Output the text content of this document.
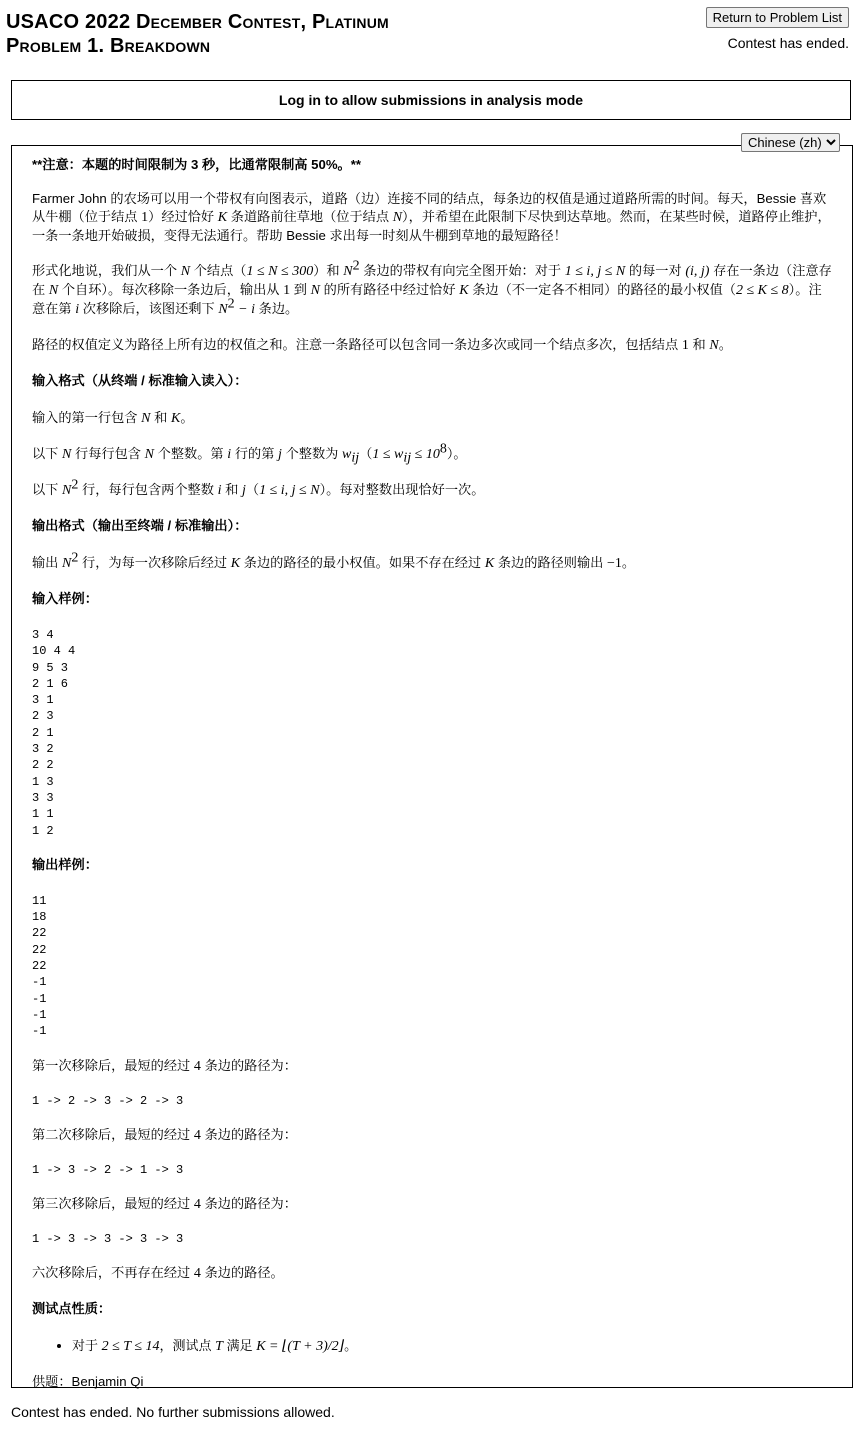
USACO 2022 December Contest, Platinum
Problem 1. Breakdown
Return to Problem List
Contest has ended.
Log in to allow submissions in analysis mode

**注意：本题的时间限制为 3 秒，比通常限制高 50%。**

Farmer John 的农场可以用一个带权有向图表示，道路（边）连接不同的结点，每条边的权值是通过道路所需的时间。每天，Bessie 喜欢从牛棚（位于结点 1）经过恰好 K 条道路前往草地（位于结点 N），并希望在此限制下尽快到达草地。然而，在某些时候，道路停止维护，一条一条地开始破损，变得无法通行。帮助 Bessie 求出每一时刻从牛棚到草地的最短路径！

形式化地说，我们从一个 N 个结点（1 ≤ N ≤ 300）和 $N^2$ 条边的带权有向完全图开始：对于 1 ≤ i, j ≤ N 的每一对 (i, j) 存在一条边（注意存在 N 个自环）。每次移除一条边后，输出从 1 到 N 的所有路径中经过恰好 K 条边（不一定各不相同）的路径的最小权值（2 ≤ K ≤ 8）。注意在第 i 次移除后，该图还剩下 $N^2 - i$ 条边。

路径的权值定义为路径上所有边的权值之和。注意一条路径可以包含同一条边多次或同一个结点多次，包括结点 1 和 N。

输入格式（从终端 / 标准输入读入）：

输入的第一行包含 N 和 K。

以下 N 行每行包含 N 个整数。第 i 行的第 j 个整数为 $w_{ij}(1 \le w_{ij} \le 10^8)$。

以下 $N^2$ 行，每行包含两个整数 i 和 j（1 ≤ i, j ≤ N）。每对整数出现恰好一次。

输出格式（输出至终端 / 标准输出）：

输出 $N^2$ 行，为每一次移除后经过 K 条边的路径的最小权值。如果不存在经过 K 条边的路径则输出 −1。

输入样例：

3 4
10 4 4
9 5 3
2 1 6
3 1
2 3
2 1
3 2
2 2
1 3
3 3
1 1
1 2

输出样例：

11
18
22
22
22
-1
-1
-1
-1

第一次移除后，最短的经过 4 条边的路径为：

1 -> 2 -> 3 -> 2 -> 3

第二次移除后，最短的经过 4 条边的路径为：

1 -> 3 -> 2 -> 1 -> 3

第三次移除后，最短的经过 4 条边的路径为：

1 -> 3 -> 3 -> 3 -> 3

六次移除后，不再存在经过 4 条边的路径。

测试点性质：

• 对于 2 ≤ T ≤ 14，测试点 T 满足 K = ⌊(T + 3)/2⌋。

供题：Benjamin Qi

Chinese (zh)
Contest has ended. No further submissions allowed.
